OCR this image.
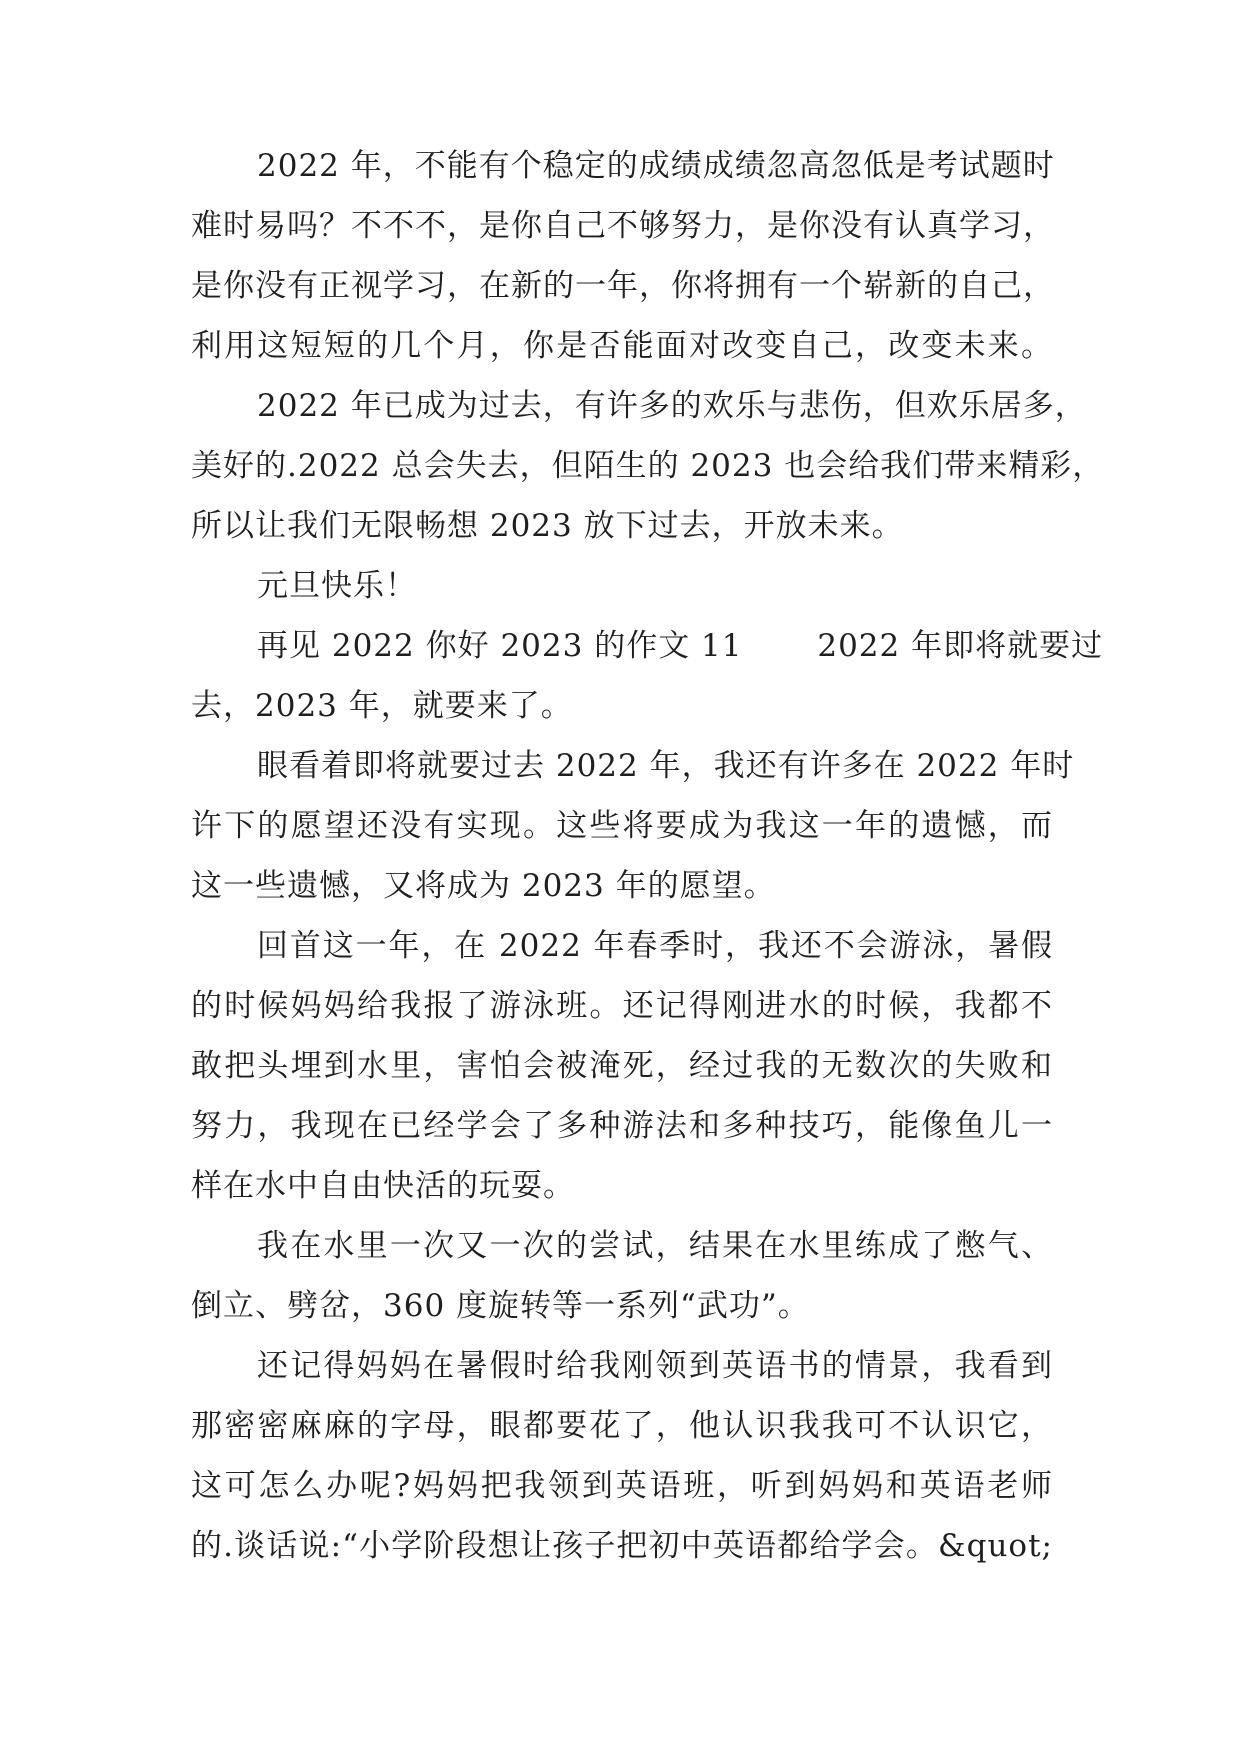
2022 年，不能有个稳定的成绩成绩忽高忽低是考试题时
难时易吗？不不不，是你自己不够努力，是你没有认真学习，
是你没有正视学习，在新的一年，你将拥有一个崭新的自己，
利用这短短的几个月，你是否能面对改变自己，改变未来。
2022 年已成为过去，有许多的欢乐与悲伤，但欢乐居多，
美好的.2022 总会失去，但陌生的 2023 也会给我们带来精彩，
所以让我们无限畅想 2023 放下过去，开放未来。
元旦快乐！
再见 2022 你好 2023 的作文 11　　 2022 年即将就要过
去，2023 年，就要来了。
眼看着即将就要过去 2022 年，我还有许多在 2022 年时
许下的愿望还没有实现。这些将要成为我这一年的遗憾，而
这一些遗憾，又将成为 2023 年的愿望。
回首这一年，在 2022 年春季时，我还不会游泳，暑假
的时候妈妈给我报了游泳班。还记得刚进水的时候，我都不
敢把头埋到水里，害怕会被淹死，经过我的无数次的失败和
努力，我现在已经学会了多种游法和多种技巧，能像鱼儿一
样在水中自由快活的玩耍。
我在水里一次又一次的尝试，结果在水里练成了憋气、
倒立、劈岔，360 度旋转等一系列“武功”。
还记得妈妈在暑假时给我刚领到英语书的情景，我看到
那密密麻麻的字母，眼都要花了，他认识我我可不认识它，
这可怎么办呢?妈妈把我领到英语班，听到妈妈和英语老师
的.谈话说:“小学阶段想让孩子把初中英语都给学会。&quot;
